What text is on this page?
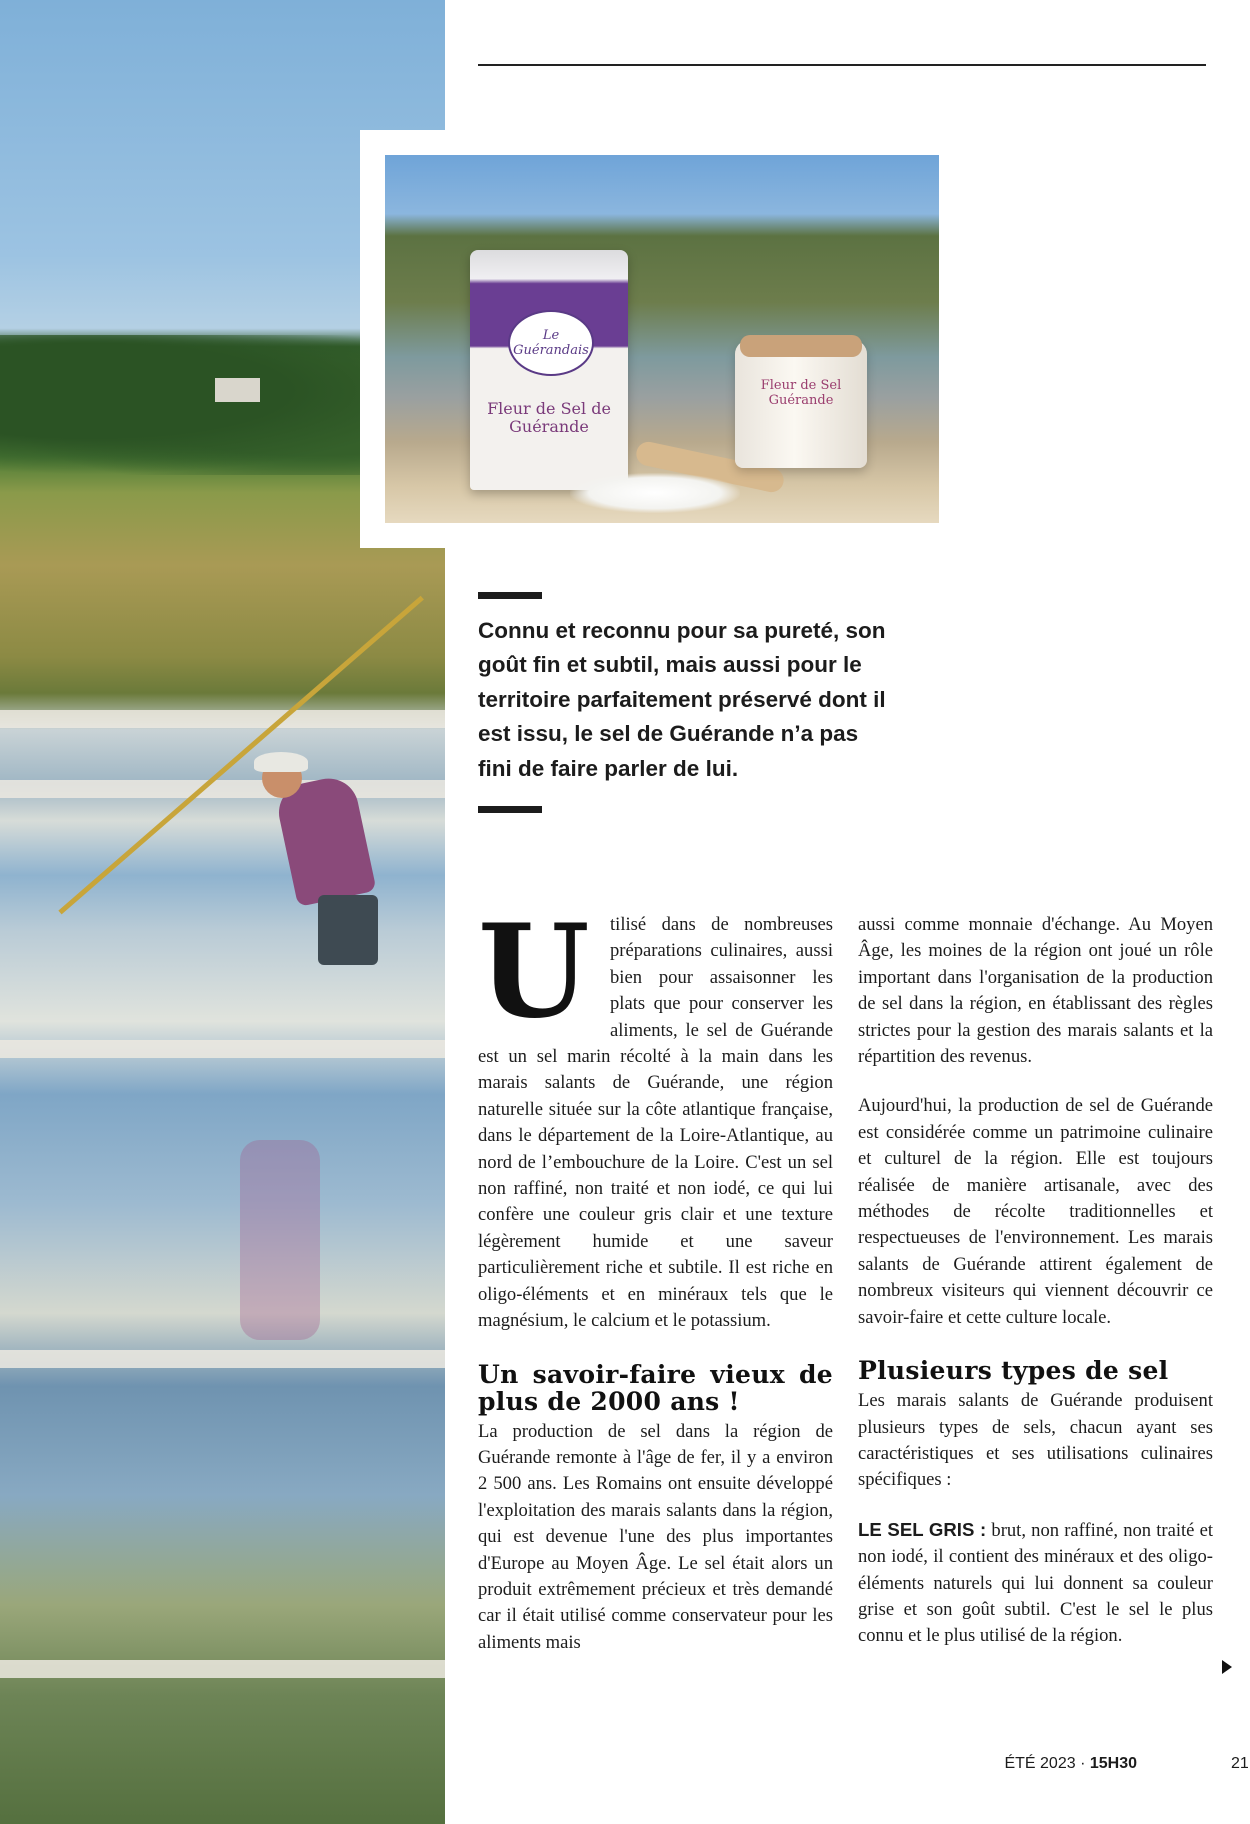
Le Guérandais
Fleur de Sel de Guérande
Fleur de Sel Guérande

Connu et reconnu pour sa pureté, son goût fin et subtil, mais aussi pour le territoire parfaitement préservé dont il est issu, le sel de Guérande n’a pas fini de faire parler de lui.

U	tilisé dans de nombreuses préparations culinaires, aussi bien pour assaisonner les plats que pour conserver les aliments, le sel de Guérande est un sel marin récolté à la main dans les marais salants de Guérande, une région naturelle située sur la côte atlantique française, dans le département de la Loire-Atlantique, au nord de l’embouchure de la Loire. C'est un sel non raffiné, non traité et non iodé, ce qui lui confère une couleur gris clair et une texture légèrement humide et une saveur particulièrement riche et subtile. Il est riche en oligo-éléments et en minéraux tels que le magnésium, le calcium et le potassium.

Un savoir-faire vieux de plus de 2000 ans !

La production de sel dans la région de Guérande remonte à l'âge de fer, il y a environ 2 500 ans. Les Romains ont ensuite développé l'exploitation des marais salants dans la région, qui est devenue l'une des plus importantes d'Europe au Moyen Âge. Le sel était alors un produit extrêmement précieux et très demandé car il était utilisé comme conservateur pour les aliments mais

aussi comme monnaie d'échange. Au Moyen Âge, les moines de la région ont joué un rôle important dans l'organisation de la production de sel dans la région, en établissant des règles strictes pour la gestion des marais salants et la répartition des revenus.

Aujourd'hui, la production de sel de Guérande est considérée comme un patrimoine culinaire et culturel de la région. Elle est toujours réalisée de manière artisanale, avec des méthodes de récolte traditionnelles et respectueuses de l'environnement. Les marais salants de Guérande attirent également de nombreux visiteurs qui viennent découvrir ce savoir-faire et cette culture locale.

Plusieurs types de sel

Les marais salants de Guérande produisent plusieurs types de sels, chacun ayant ses caractéristiques et ses utilisations culinaires spécifiques :

LE SEL GRIS : brut, non raffiné, non traité et non iodé, il contient des minéraux et des oligo-éléments naturels qui lui donnent sa couleur grise et son goût subtil. C'est le sel le plus connu et le plus utilisé de la région.

ÉTÉ 2023 · 15H30	21
